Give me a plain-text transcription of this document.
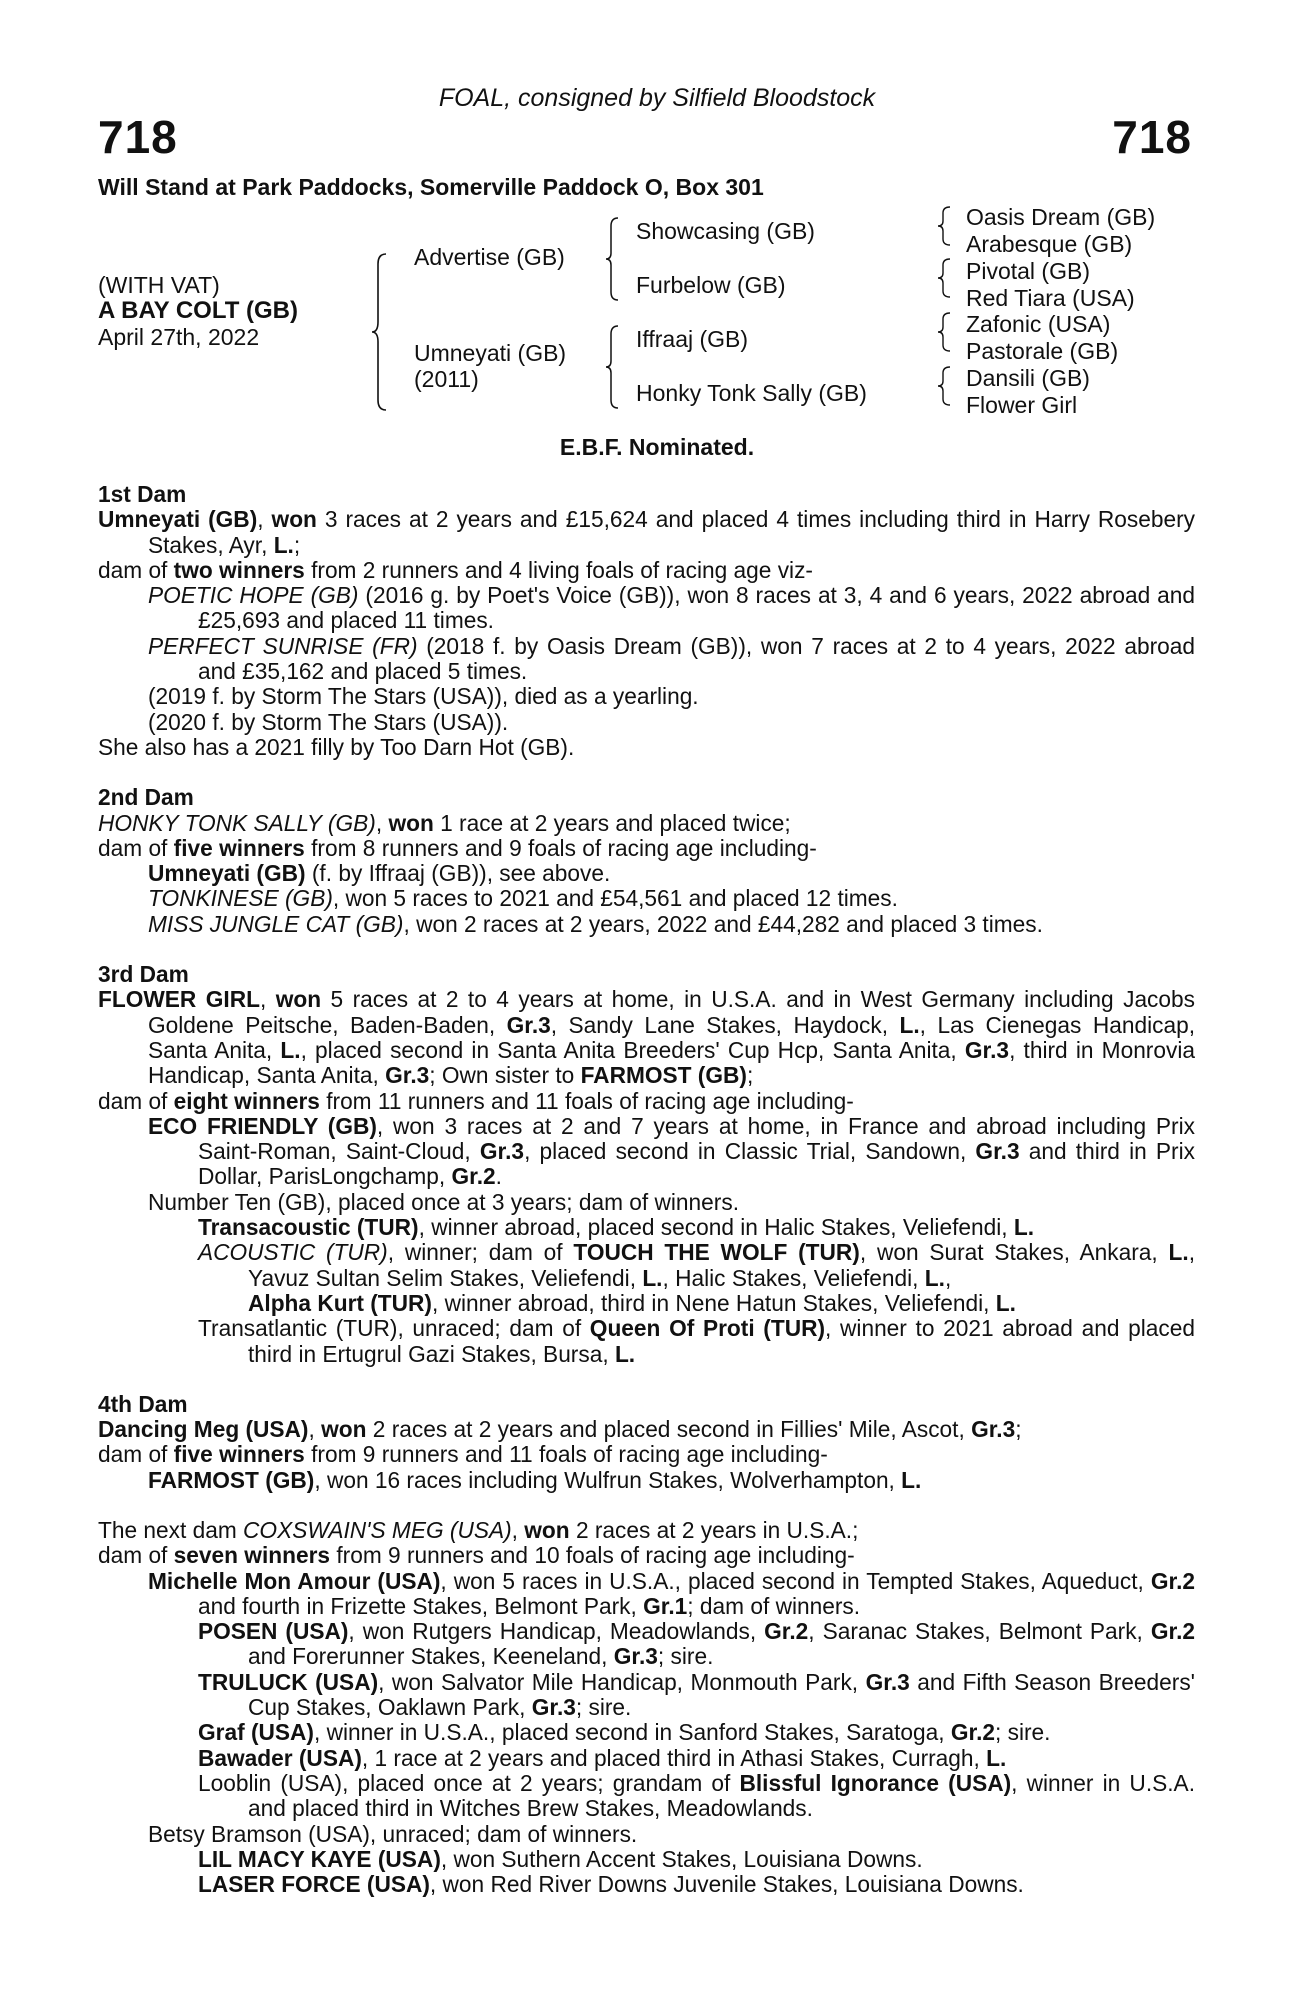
FOAL, consigned by Silfield Bloodstock
718	718
Will Stand at Park Paddocks, Somerville Paddock O, Box 301
(WITH VAT)
A BAY COLT (GB)
April 27th, 2022
Advertise (GB)
Umneyati (GB)
(2011)
Showcasing (GB)
Furbelow (GB)
Iffraaj (GB)
Honky Tonk Sally (GB)
Oasis Dream (GB)
Arabesque (GB)
Pivotal (GB)
Red Tiara (USA)
Zafonic (USA)
Pastorale (GB)
Dansili (GB)
Flower Girl
E.B.F. Nominated.

1st Dam

Umneyati (GB), won 3 races at 2 years and £15,624 and placed 4 times including third in Harry Rosebery Stakes, Ayr, L.;

dam of two winners from 2 runners and 4 living foals of racing age viz-

POETIC HOPE (GB) (2016 g. by Poet's Voice (GB)), won 8 races at 3, 4 and 6 years, 2022 abroad and £25,693 and placed 11 times.

PERFECT SUNRISE (FR) (2018 f. by Oasis Dream (GB)), won 7 races at 2 to 4 years, 2022 abroad and £35,162 and placed 5 times.

(2019 f. by Storm The Stars (USA)), died as a yearling.

(2020 f. by Storm The Stars (USA)).

She also has a 2021 filly by Too Darn Hot (GB).

2nd Dam

HONKY TONK SALLY (GB), won 1 race at 2 years and placed twice;

dam of five winners from 8 runners and 9 foals of racing age including-

Umneyati (GB) (f. by Iffraaj (GB)), see above.

TONKINESE (GB), won 5 races to 2021 and £54,561 and placed 12 times.

MISS JUNGLE CAT (GB), won 2 races at 2 years, 2022 and £44,282 and placed 3 times.

3rd Dam

FLOWER GIRL, won 5 races at 2 to 4 years at home, in U.S.A. and in West Germany including Jacobs Goldene Peitsche, Baden-Baden, Gr.3, Sandy Lane Stakes, Haydock, L., Las Cienegas Handicap, Santa Anita, L., placed second in Santa Anita Breeders' Cup Hcp, Santa Anita, Gr.3, third in Monrovia Handicap, Santa Anita, Gr.3; Own sister to FARMOST (GB);

dam of eight winners from 11 runners and 11 foals of racing age including-

ECO FRIENDLY (GB), won 3 races at 2 and 7 years at home, in France and abroad including Prix Saint-Roman, Saint-Cloud, Gr.3, placed second in Classic Trial, Sandown, Gr.3 and third in Prix Dollar, ParisLongchamp, Gr.2.

Number Ten (GB), placed once at 3 years; dam of winners.

Transacoustic (TUR), winner abroad, placed second in Halic Stakes, Veliefendi, L.

ACOUSTIC (TUR), winner; dam of TOUCH THE WOLF (TUR), won Surat Stakes, Ankara, L., Yavuz Sultan Selim Stakes, Veliefendi, L., Halic Stakes, Veliefendi, L.,

Alpha Kurt (TUR), winner abroad, third in Nene Hatun Stakes, Veliefendi, L.

Transatlantic (TUR), unraced; dam of Queen Of Proti (TUR), winner to 2021 abroad and placed third in Ertugrul Gazi Stakes, Bursa, L.

4th Dam

Dancing Meg (USA), won 2 races at 2 years and placed second in Fillies' Mile, Ascot, Gr.3;

dam of five winners from 9 runners and 11 foals of racing age including-

FARMOST (GB), won 16 races including Wulfrun Stakes, Wolverhampton, L.

The next dam COXSWAIN'S MEG (USA), won 2 races at 2 years in U.S.A.;

dam of seven winners from 9 runners and 10 foals of racing age including-

Michelle Mon Amour (USA), won 5 races in U.S.A., placed second in Tempted Stakes, Aqueduct, Gr.2 and fourth in Frizette Stakes, Belmont Park, Gr.1; dam of winners.

POSEN (USA), won Rutgers Handicap, Meadowlands, Gr.2, Saranac Stakes, Belmont Park, Gr.2 and Forerunner Stakes, Keeneland, Gr.3; sire.

TRULUCK (USA), won Salvator Mile Handicap, Monmouth Park, Gr.3 and Fifth Season Breeders' Cup Stakes, Oaklawn Park, Gr.3; sire.

Graf (USA), winner in U.S.A., placed second in Sanford Stakes, Saratoga, Gr.2; sire.

Bawader (USA), 1 race at 2 years and placed third in Athasi Stakes, Curragh, L.

Looblin (USA), placed once at 2 years; grandam of Blissful Ignorance (USA), winner in U.S.A. and placed third in Witches Brew Stakes, Meadowlands.

Betsy Bramson (USA), unraced; dam of winners.

LIL MACY KAYE (USA), won Suthern Accent Stakes, Louisiana Downs.

LASER FORCE (USA), won Red River Downs Juvenile Stakes, Louisiana Downs.
